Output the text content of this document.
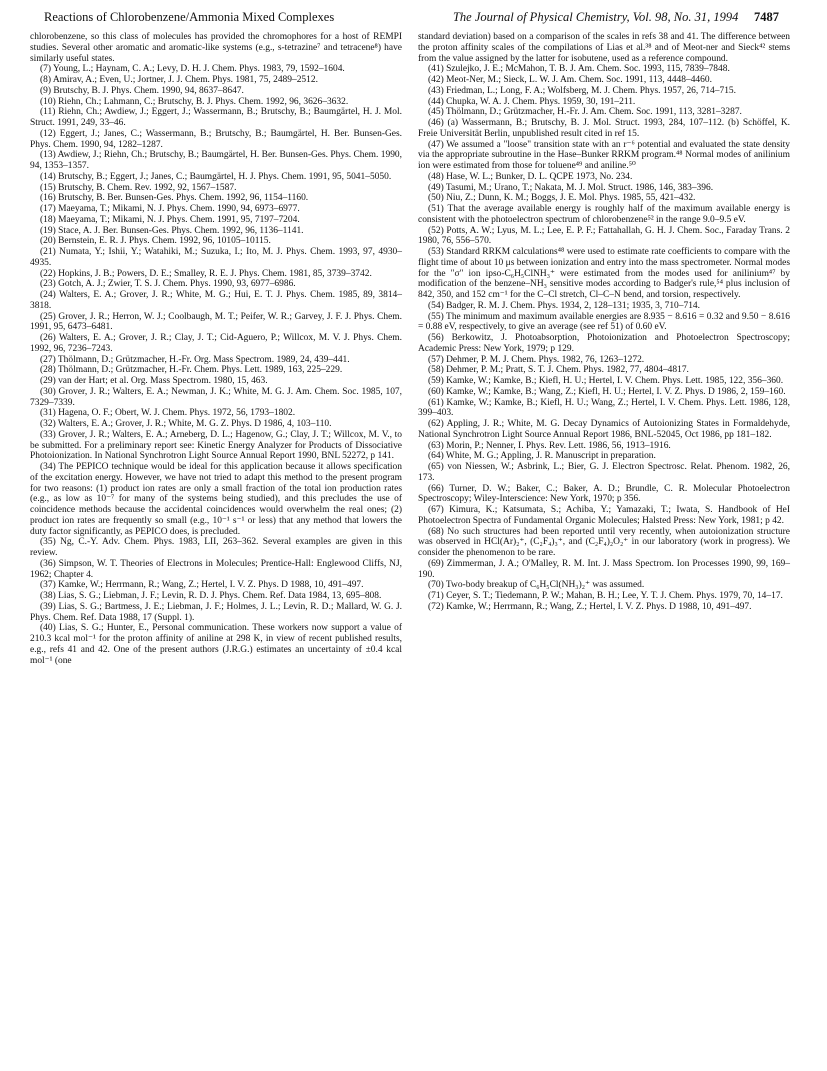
Reactions of Chlorobenzene/Ammonia Mixed Complexes	The Journal of Physical Chemistry, Vol. 98, No. 31, 1994 7487

chlorobenzene, so this class of molecules has provided the chromophores for a host of REMPI studies. Several other aromatic and aromatic-like systems (e.g., s-tetrazine⁷ and tetracene⁸) have similarly useful states.

(7) Young, L.; Haynam, C. A.; Levy, D. H. J. Chem. Phys. 1983, 79, 1592–1604.

(8) Amirav, A.; Even, U.; Jortner, J. J. Chem. Phys. 1981, 75, 2489–2512.

(9) Brutschy, B. J. Phys. Chem. 1990, 94, 8637–8647.

(10) Riehn, Ch.; Lahmann, C.; Brutschy, B. J. Phys. Chem. 1992, 96, 3626–3632.

(11) Riehn, Ch.; Awdiew, J.; Eggert, J.; Wassermann, B.; Brutschy, B.; Baumgärtel, H. J. Mol. Struct. 1991, 249, 33–46.

(12) Eggert, J.; Janes, C.; Wassermann, B.; Brutschy, B.; Baumgärtel, H. Ber. Bunsen-Ges. Phys. Chem. 1990, 94, 1282–1287.

(13) Awdiew, J.; Riehn, Ch.; Brutschy, B.; Baumgärtel, H. Ber. Bunsen-Ges. Phys. Chem. 1990, 94, 1353–1357.

(14) Brutschy, B.; Eggert, J.; Janes, C.; Baumgärtel, H. J. Phys. Chem. 1991, 95, 5041–5050.

(15) Brutschy, B. Chem. Rev. 1992, 92, 1567–1587.

(16) Brutschy, B. Ber. Bunsen-Ges. Phys. Chem. 1992, 96, 1154–1160.

(17) Maeyama, T.; Mikami, N. J. Phys. Chem. 1990, 94, 6973–6977.

(18) Maeyama, T.; Mikami, N. J. Phys. Chem. 1991, 95, 7197–7204.

(19) Stace, A. J. Ber. Bunsen-Ges. Phys. Chem. 1992, 96, 1136–1141.

(20) Bernstein, E. R. J. Phys. Chem. 1992, 96, 10105–10115.

(21) Numata, Y.; Ishii, Y.; Watahiki, M.; Suzuka, I.; Ito, M. J. Phys. Chem. 1993, 97, 4930–4935.

(22) Hopkins, J. B.; Powers, D. E.; Smalley, R. E. J. Phys. Chem. 1981, 85, 3739–3742.

(23) Gotch, A. J.; Zwier, T. S. J. Chem. Phys. 1990, 93, 6977–6986.

(24) Walters, E. A.; Grover, J. R.; White, M. G.; Hui, E. T. J. Phys. Chem. 1985, 89, 3814–3818.

(25) Grover, J. R.; Herron, W. J.; Coolbaugh, M. T.; Peifer, W. R.; Garvey, J. F. J. Phys. Chem. 1991, 95, 6473–6481.

(26) Walters, E. A.; Grover, J. R.; Clay, J. T.; Cid-Aguero, P.; Willcox, M. V. J. Phys. Chem. 1992, 96, 7236–7243.

(27) Thölmann, D.; Grützmacher, H.-Fr. Org. Mass Spectrom. 1989, 24, 439–441.

(28) Thölmann, D.; Grützmacher, H.-Fr. Chem. Phys. Lett. 1989, 163, 225–229.

(29) van der Hart; et al. Org. Mass Spectrom. 1980, 15, 463.

(30) Grover, J. R.; Walters, E. A.; Newman, J. K.; White, M. G. J. Am. Chem. Soc. 1985, 107, 7329–7339.

(31) Hagena, O. F.; Obert, W. J. Chem. Phys. 1972, 56, 1793–1802.

(32) Walters, E. A.; Grover, J. R.; White, M. G. Z. Phys. D 1986, 4, 103–110.

(33) Grover, J. R.; Walters, E. A.; Arneberg, D. L.; Hagenow, G.; Clay, J. T.; Willcox, M. V., to be submitted. For a preliminary report see: Kinetic Energy Analyzer for Products of Dissociative Photoionization. In National Synchrotron Light Source Annual Report 1990, BNL 52272, p 141.

(34) The PEPICO technique would be ideal for this application because it allows specification of the excitation energy. However, we have not tried to adapt this method to the present program for two reasons: (1) product ion rates are only a small fraction of the total ion production rates (e.g., as low as 10⁻⁷ for many of the systems being studied), and this precludes the use of coincidence methods because the accidental coincidences would overwhelm the real ones; (2) product ion rates are frequently so small (e.g., 10⁻¹ s⁻¹ or less) that any method that lowers the duty factor significantly, as PEPICO does, is precluded.

(35) Ng, C.-Y. Adv. Chem. Phys. 1983, LII, 263–362. Several examples are given in this review.

(36) Simpson, W. T. Theories of Electrons in Molecules; Prentice-Hall: Englewood Cliffs, NJ, 1962; Chapter 4.

(37) Kamke, W.; Herrmann, R.; Wang, Z.; Hertel, I. V. Z. Phys. D 1988, 10, 491–497.

(38) Lias, S. G.; Liebman, J. F.; Levin, R. D. J. Phys. Chem. Ref. Data 1984, 13, 695–808.

(39) Lias, S. G.; Bartmess, J. E.; Liebman, J. F.; Holmes, J. L.; Levin, R. D.; Mallard, W. G. J. Phys. Chem. Ref. Data 1988, 17 (Suppl. 1).

(40) Lias, S. G.; Hunter, E., Personal communication. These workers now support a value of 210.3 kcal mol⁻¹ for the proton affinity of aniline at 298 K, in view of recent published results, e.g., refs 41 and 42. One of the present authors (J.R.G.) estimates an uncertainty of ±0.4 kcal mol⁻¹ (one

standard deviation) based on a comparison of the scales in refs 38 and 41. The difference between the proton affinity scales of the compilations of Lias et al.³⁸ and of Meot-ner and Sieck⁴² stems from the value assigned by the latter for isobutene, used as a reference compound.

(41) Szulejko, J. E.; McMahon, T. B. J. Am. Chem. Soc. 1993, 115, 7839–7848.

(42) Meot-Ner, M.; Sieck, L. W. J. Am. Chem. Soc. 1991, 113, 4448–4460.

(43) Friedman, L.; Long, F. A.; Wolfsberg, M. J. Chem. Phys. 1957, 26, 714–715.

(44) Chupka, W. A. J. Chem. Phys. 1959, 30, 191–211.

(45) Thölmann, D.; Grützmacher, H.-Fr. J. Am. Chem. Soc. 1991, 113, 3281–3287.

(46) (a) Wassermann, B.; Brutschy, B. J. Mol. Struct. 1993, 284, 107–112. (b) Schöffel, K. Freie Universität Berlin, unpublished result cited in ref 15.

(47) We assumed a "loose" transition state with an r⁻⁶ potential and evaluated the state density via the appropriate subroutine in the Hase–Bunker RRKM program.⁴⁸ Normal modes of anilinium ion were estimated from those for toluene⁴⁹ and aniline.⁵⁰

(48) Hase, W. L.; Bunker, D. L. QCPE 1973, No. 234.

(49) Tasumi, M.; Urano, T.; Nakata, M. J. Mol. Struct. 1986, 146, 383–396.

(50) Niu, Z.; Dunn, K. M.; Boggs, J. E. Mol. Phys. 1985, 55, 421–432.

(51) That the average available energy is roughly half of the maximum available energy is consistent with the photoelectron spectrum of chlorobenzene⁵² in the range 9.0–9.5 eV.

(52) Potts, A. W.; Lyus, M. L.; Lee, E. P. F.; Fattahallah, G. H. J. Chem. Soc., Faraday Trans. 2 1980, 76, 556–570.

(53) Standard RRKM calculations⁴⁸ were used to estimate rate coefficients to compare with the flight time of about 10 μs between ionization and entry into the mass spectrometer. Normal modes for the "σ" ion ipso-C₆H₅ClNH₃⁺ were estimated from the modes used for anilinium⁴⁷ by modification of the benzene–NH₃ sensitive modes according to Badger's rule,⁵⁴ plus inclusion of 842, 350, and 152 cm⁻¹ for the C–Cl stretch, Cl–C–N bend, and torsion, respectively.

(54) Badger, R. M. J. Chem. Phys. 1934, 2, 128–131; 1935, 3, 710–714.

(55) The minimum and maximum available energies are 8.935 − 8.616 = 0.32 and 9.50 − 8.616 = 0.88 eV, respectively, to give an average (see ref 51) of 0.60 eV.

(56) Berkowitz, J. Photoabsorption, Photoionization and Photoelectron Spectroscopy; Academic Press: New York, 1979; p 129.

(57) Dehmer, P. M. J. Chem. Phys. 1982, 76, 1263–1272.

(58) Dehmer, P. M.; Pratt, S. T. J. Chem. Phys. 1982, 77, 4804–4817.

(59) Kamke, W.; Kamke, B.; Kiefl, H. U.; Hertel, I. V. Chem. Phys. Lett. 1985, 122, 356–360.

(60) Kamke, W.; Kamke, B.; Wang, Z.; Kiefl, H. U.; Hertel, I. V. Z. Phys. D 1986, 2, 159–160.

(61) Kamke, W.; Kamke, B.; Kiefl, H. U.; Wang, Z.; Hertel, I. V. Chem. Phys. Lett. 1986, 128, 399–403.

(62) Appling, J. R.; White, M. G. Decay Dynamics of Autoionizing States in Formaldehyde, National Synchrotron Light Source Annual Report 1986, BNL-52045, Oct 1986, pp 181–182.

(63) Morin, P.; Nenner, I. Phys. Rev. Lett. 1986, 56, 1913–1916.

(64) White, M. G.; Appling, J. R. Manuscript in preparation.

(65) von Niessen, W.; Asbrink, L.; Bier, G. J. Electron Spectrosc. Relat. Phenom. 1982, 26, 173.

(66) Turner, D. W.; Baker, C.; Baker, A. D.; Brundle, C. R. Molecular Photoelectron Spectroscopy; Wiley-Interscience: New York, 1970; p 356.

(67) Kimura, K.; Katsumata, S.; Achiba, Y.; Yamazaki, T.; Iwata, S. Handbook of HeI Photoelectron Spectra of Fundamental Organic Molecules; Halsted Press: New York, 1981; p 42.

(68) No such structures had been reported until very recently, when autoionization structure was observed in HCl(Ar)₂⁺, (C₂F₄)₃⁺, and (C₂F₄)₂O₂⁺ in our laboratory (work in progress). We consider the phenomenon to be rare.

(69) Zimmerman, J. A.; O'Malley, R. M. Int. J. Mass Spectrom. Ion Processes 1990, 99, 169–190.

(70) Two-body breakup of C₆H₅Cl(NH₃)₂⁺ was assumed.

(71) Ceyer, S. T.; Tiedemann, P. W.; Mahan, B. H.; Lee, Y. T. J. Chem. Phys. 1979, 70, 14–17.

(72) Kamke, W.; Herrmann, R.; Wang, Z.; Hertel, I. V. Z. Phys. D 1988, 10, 491–497.
